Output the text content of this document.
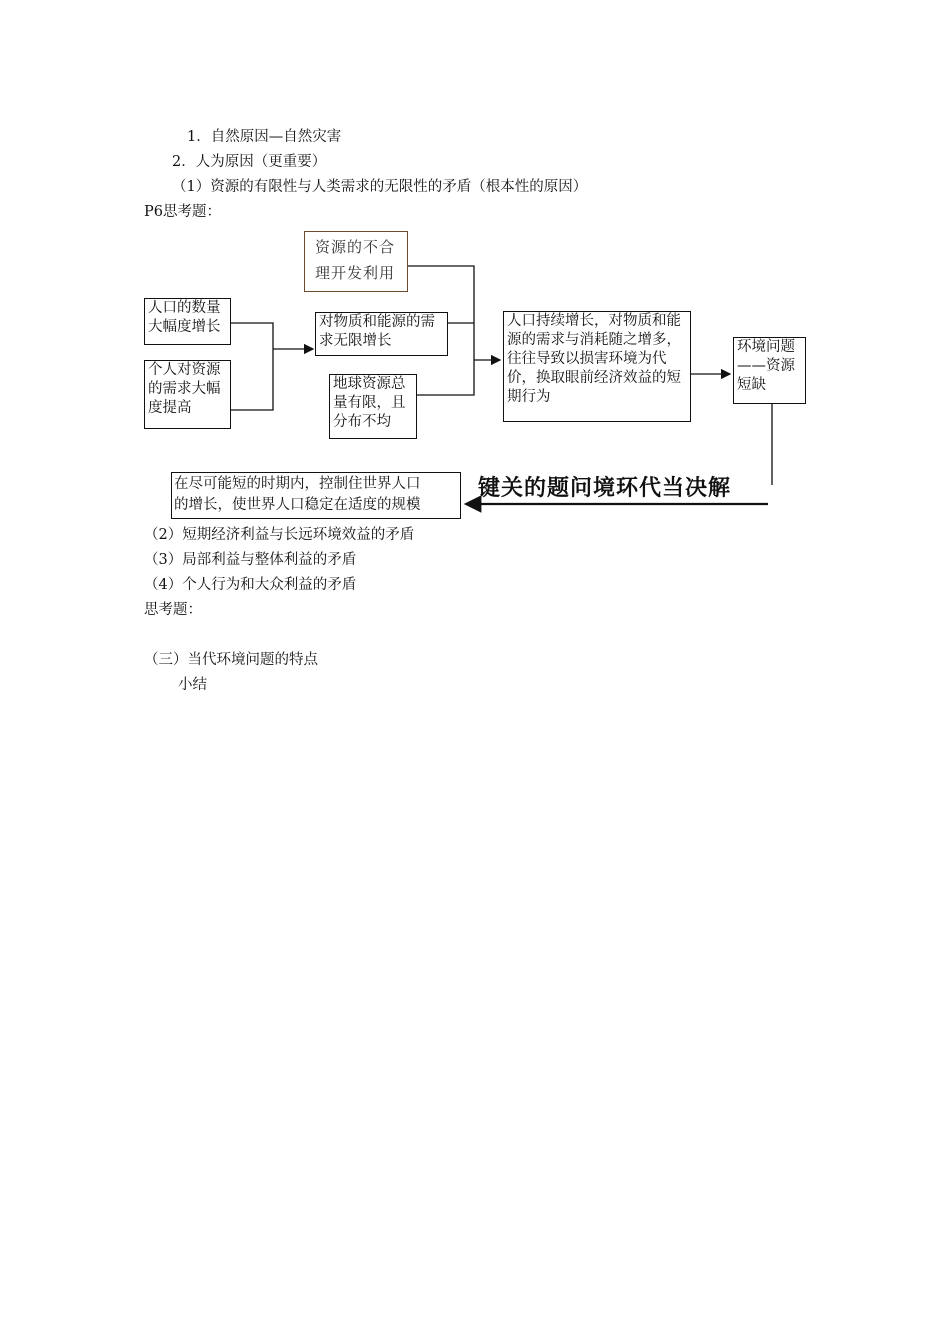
1．自然原因—自然灾害
2．人为原因（更重要）
（1）资源的有限性与人类需求的无限性的矛盾（根本性的原因）
P6思考题：
资源的不合理开发利用
人口的数量大幅度增长
个人对资源的需求大幅度提高
对物质和能源的需求无限增长
地球资源总量有限，且分布不均
人口持续增长，对物质和能源的需求与消耗随之增多，往往导致以损害环境为代价，换取眼前经济效益的短期行为
环境问题——资源短缺
键关的题问境环代当决解
在尽可能短的时期内，控制住世界人口
的增长，使世界人口稳定在适度的规模
（2）短期经济利益与长远环境效益的矛盾
（3）局部利益与整体利益的矛盾
（4）个人行为和大众利益的矛盾
思考题：
（三）当代环境问题的特点
小结
